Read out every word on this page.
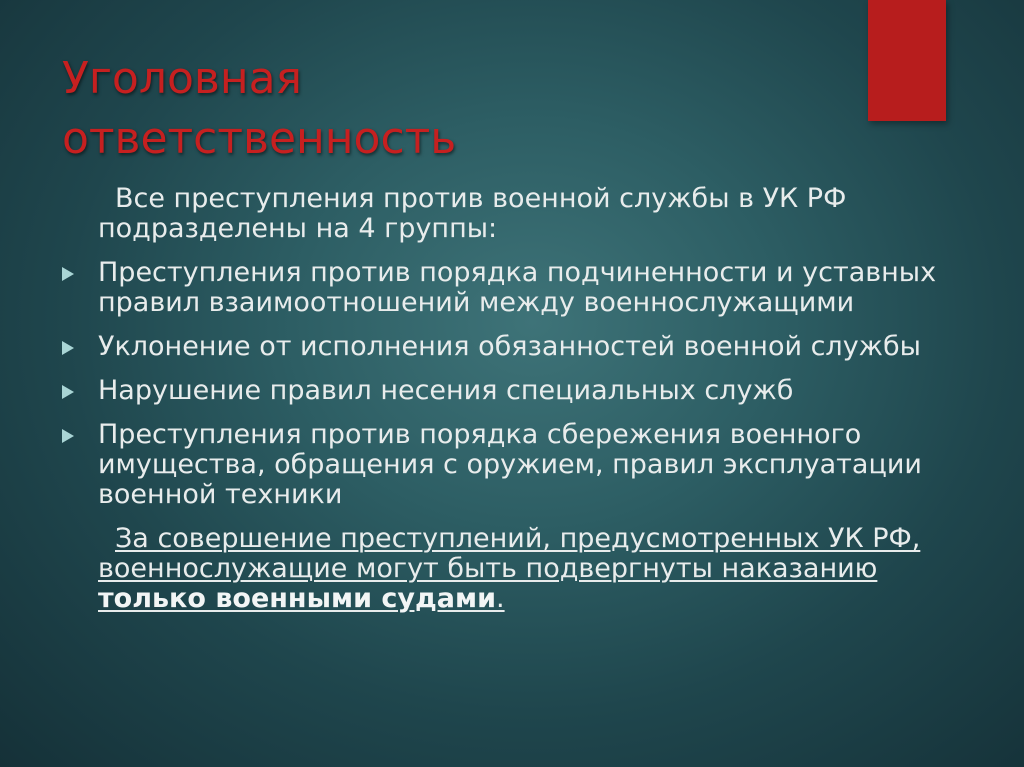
Уголовная
ответственность

Все преступления против военной службы в УК РФ подразделены на 4 группы:

Преступления против порядка подчиненности и уставных правил взаимоотношений между военнослужащими
Уклонение от исполнения обязанностей военной службы
Нарушение правил несения специальных служб
Преступления против порядка сбережения военного имущества, обращения с оружием, правил эксплуатации военной техники

За совершение преступлений, предусмотренных УК РФ, военнослужащие могут быть подвергнуты наказанию только военными судами.
